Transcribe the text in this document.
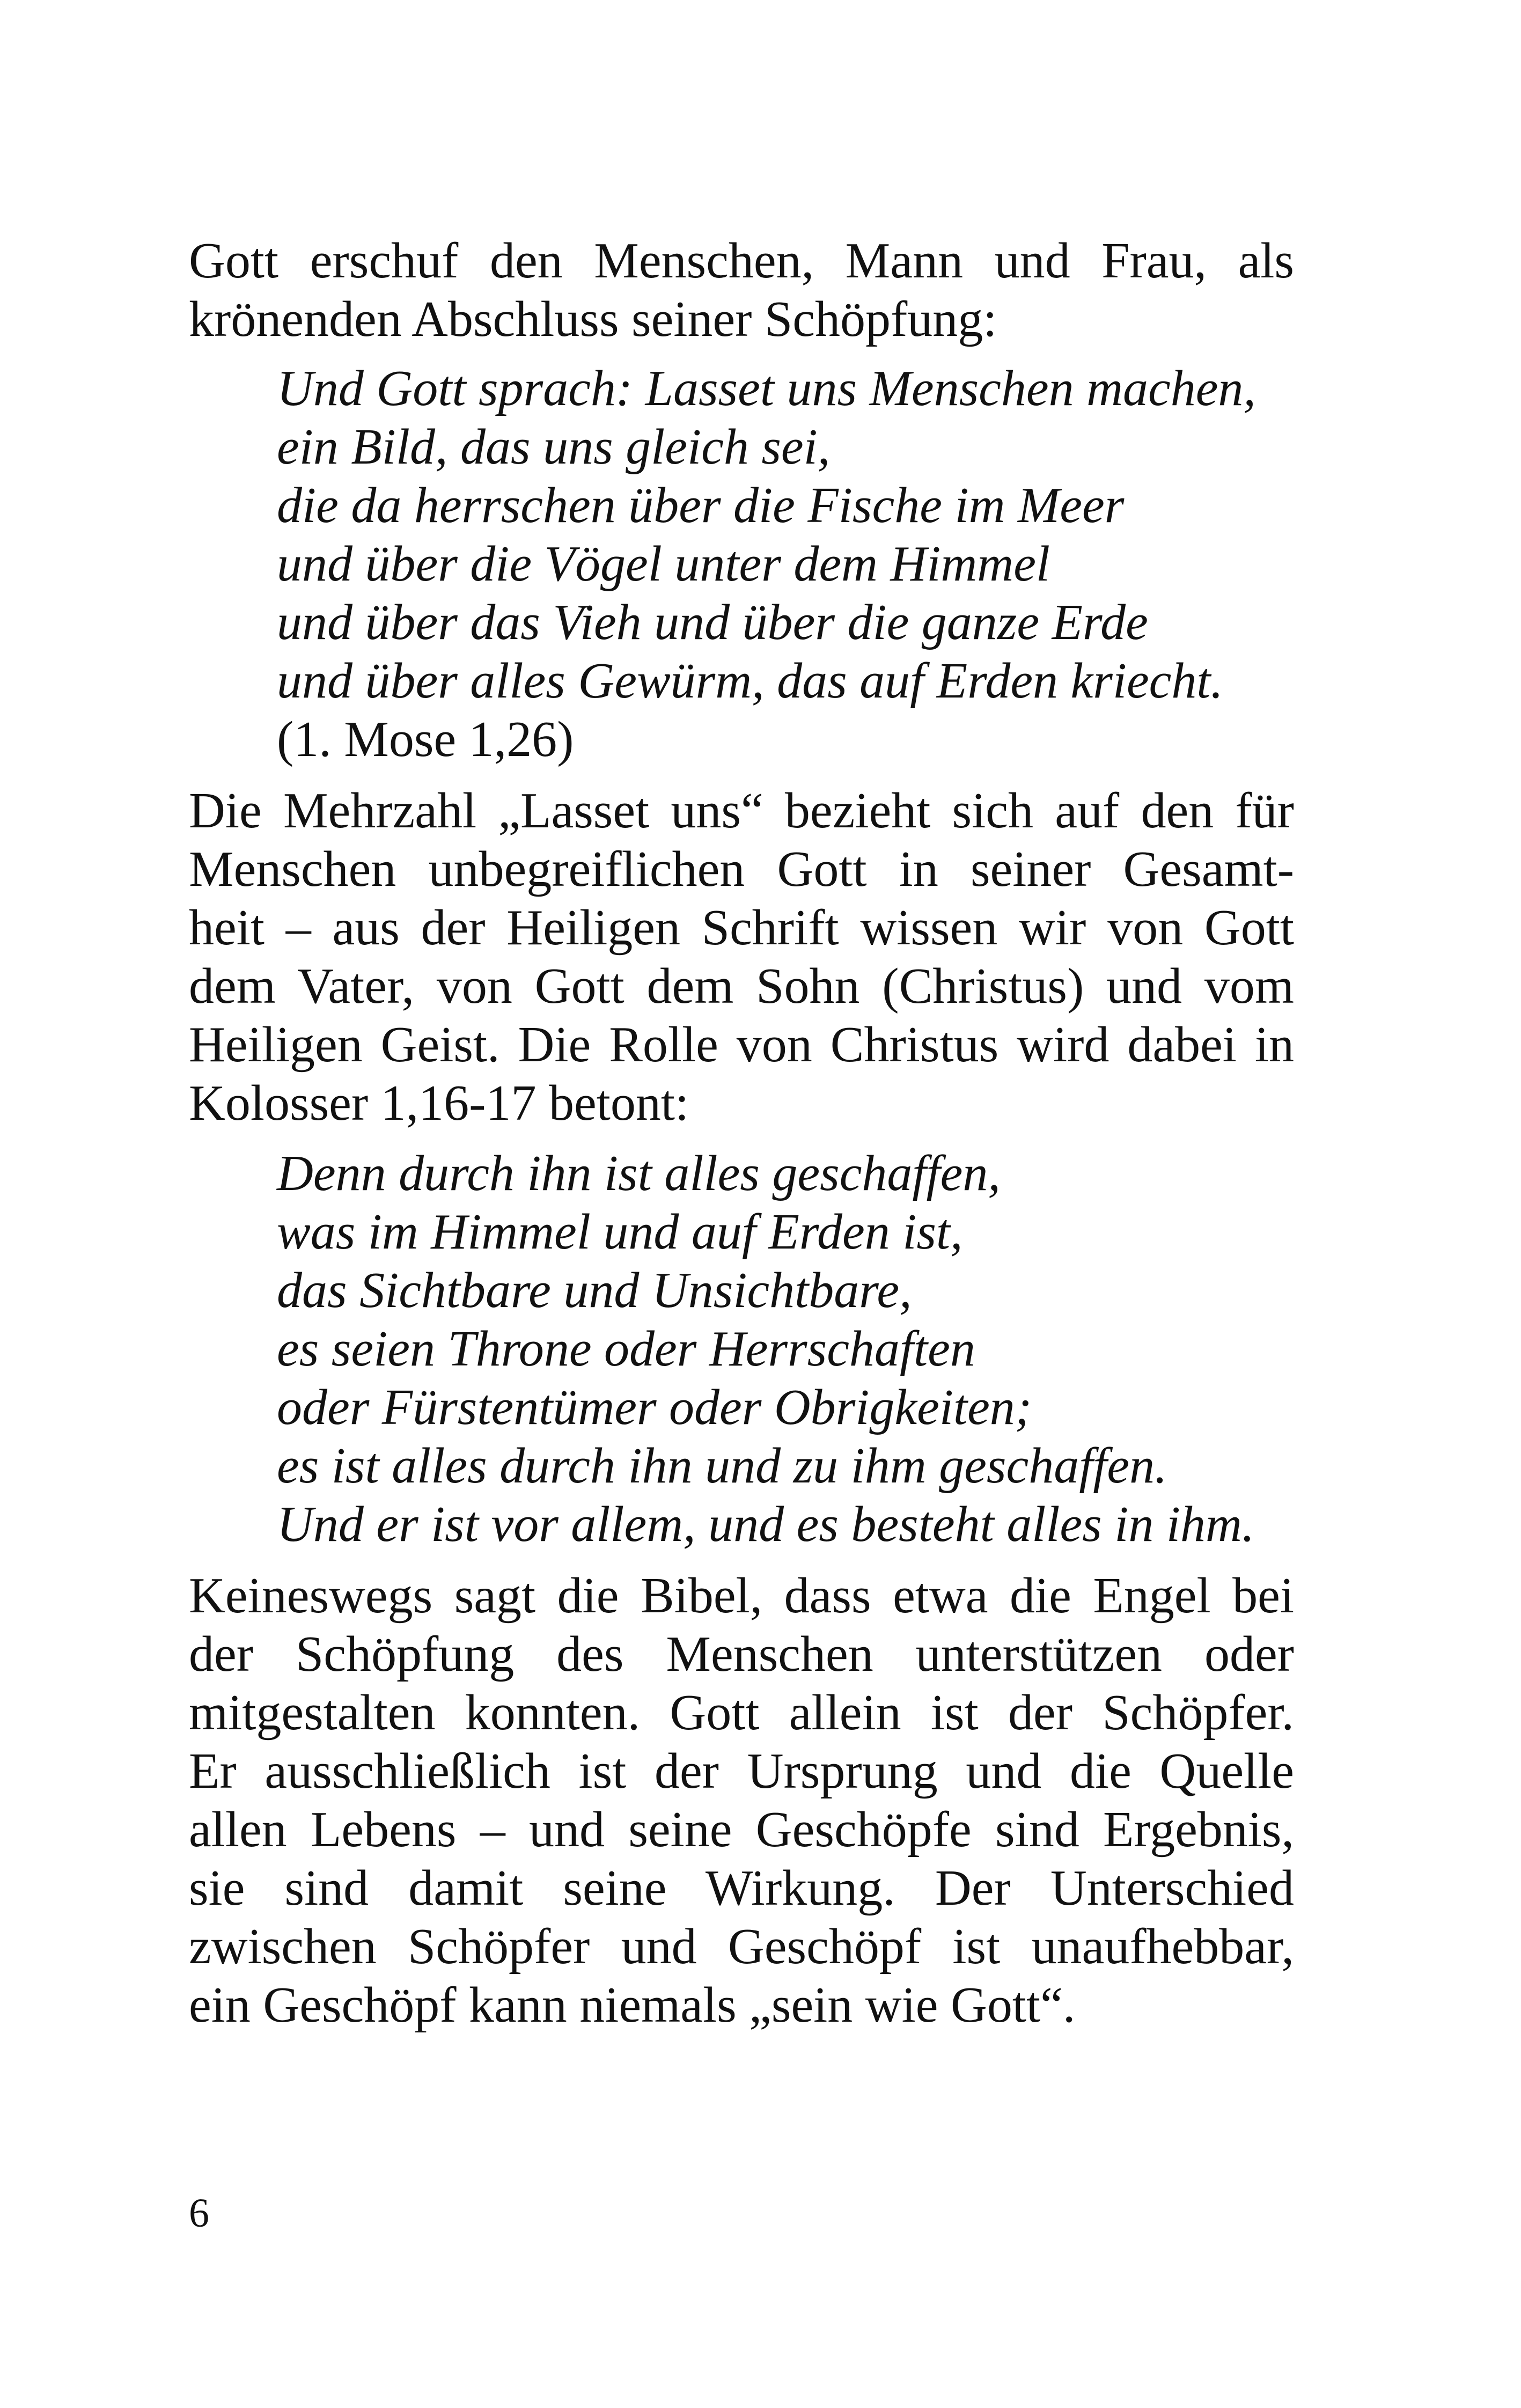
Gott erschuf den Menschen, Mann und Frau, als
krönenden Abschluss seiner Schöpfung:

Und Gott sprach: Lasset uns Menschen machen,
ein Bild, das uns gleich sei,
die da herrschen über die Fische im Meer
und über die Vögel unter dem Himmel
und über das Vieh und über die ganze Erde
und über alles Gewürm, das auf Erden kriecht.
(1. Mose 1,26)

Die Mehrzahl „Lasset uns“ bezieht sich auf den für
Menschen unbegreiflichen Gott in seiner Gesamt-
heit – aus der Heiligen Schrift wissen wir von Gott
dem Vater, von Gott dem Sohn (Christus) und vom
Heiligen Geist. Die Rolle von Christus wird dabei in
Kolosser 1,16-17 betont:

Denn durch ihn ist alles geschaffen,
was im Himmel und auf Erden ist,
das Sichtbare und Unsichtbare,
es seien Throne oder Herrschaften
oder Fürstentümer oder Obrigkeiten;
es ist alles durch ihn und zu ihm geschaffen.
Und er ist vor allem, und es besteht alles in ihm.

Keineswegs sagt die Bibel, dass etwa die Engel bei
der Schöpfung des Menschen unterstützen oder
mitgestalten konnten. Gott allein ist der Schöpfer.
Er ausschließlich ist der Ursprung und die Quelle
allen Lebens – und seine Geschöpfe sind Ergebnis,
sie sind damit seine Wirkung. Der Unterschied
zwischen Schöpfer und Geschöpf ist unaufhebbar,
ein Geschöpf kann niemals „sein wie Gott“.

6
